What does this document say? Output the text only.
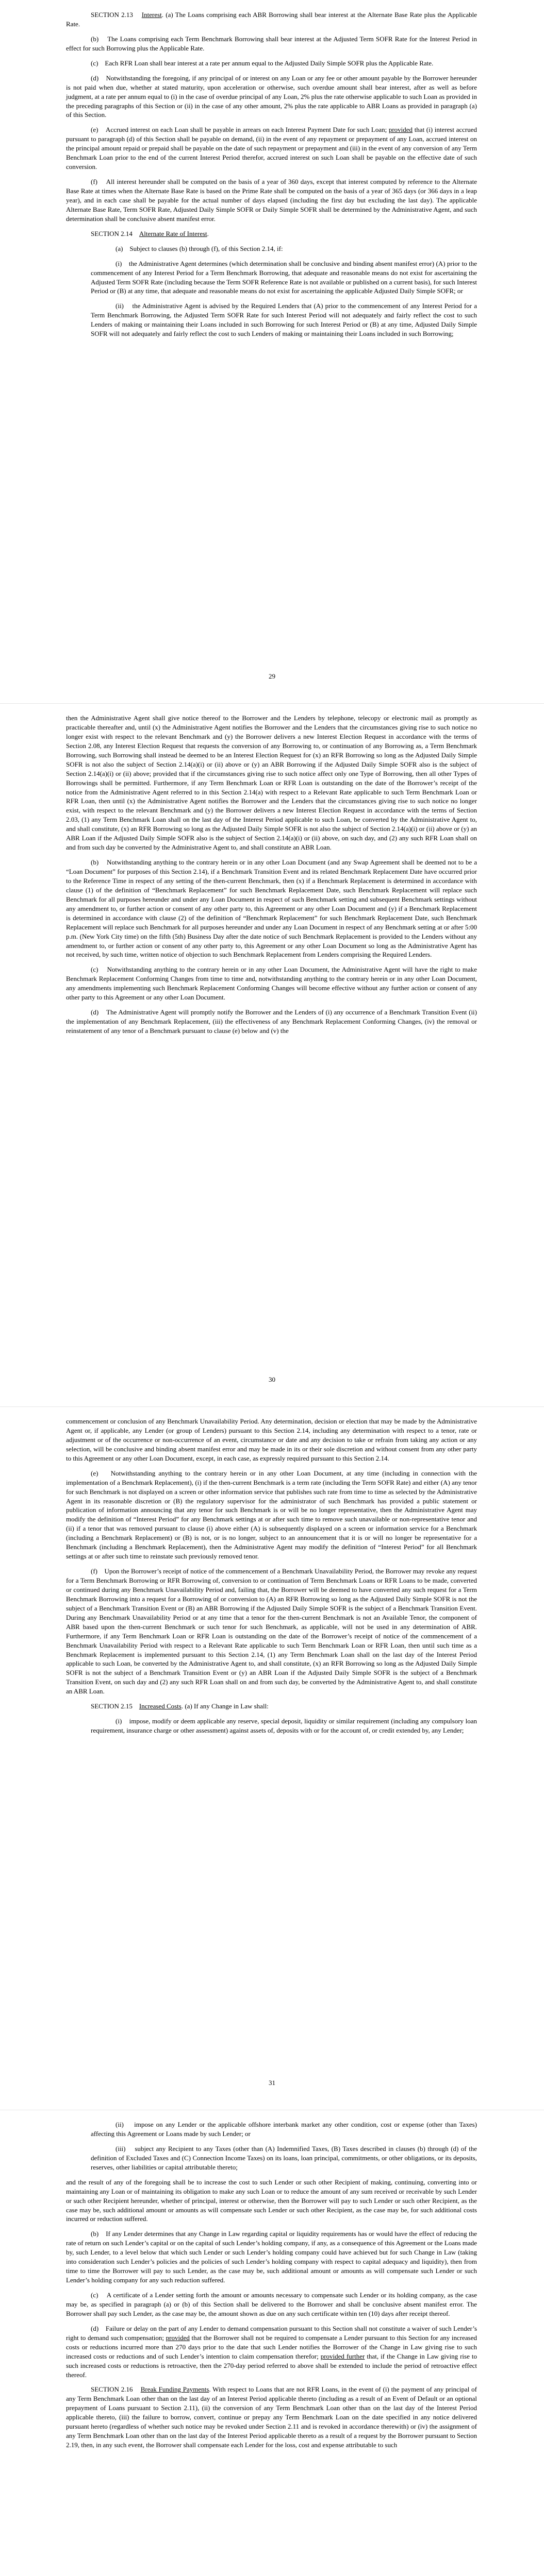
SECTION 2.13    Interest. (a) The Loans comprising each ABR Borrowing shall bear interest at the Alternate Base Rate plus the Applicable Rate.

(b)    The Loans comprising each Term Benchmark Borrowing shall bear interest at the Adjusted Term SOFR Rate for the Interest Period in effect for such Borrowing plus the Applicable Rate.

(c)    Each RFR Loan shall bear interest at a rate per annum equal to the Adjusted Daily Simple SOFR plus the Applicable Rate.

(d)    Notwithstanding the foregoing, if any principal of or interest on any Loan or any fee or other amount payable by the Borrower hereunder is not paid when due, whether at stated maturity, upon acceleration or otherwise, such overdue amount shall bear interest, after as well as before judgment, at a rate per annum equal to (i) in the case of overdue principal of any Loan, 2% plus the rate otherwise applicable to such Loan as provided in the preceding paragraphs of this Section or (ii) in the case of any other amount, 2% plus the rate applicable to ABR Loans as provided in paragraph (a) of this Section.

(e)    Accrued interest on each Loan shall be payable in arrears on each Interest Payment Date for such Loan; provided that (i) interest accrued pursuant to paragraph (d) of this Section shall be payable on demand, (ii) in the event of any repayment or prepayment of any Loan, accrued interest on the principal amount repaid or prepaid shall be payable on the date of such repayment or prepayment and (iii) in the event of any conversion of any Term Benchmark Loan prior to the end of the current Interest Period therefor, accrued interest on such Loan shall be payable on the effective date of such conversion.

(f)    All interest hereunder shall be computed on the basis of a year of 360 days, except that interest computed by reference to the Alternate Base Rate at times when the Alternate Base Rate is based on the Prime Rate shall be computed on the basis of a year of 365 days (or 366 days in a leap year), and in each case shall be payable for the actual number of days elapsed (including the first day but excluding the last day). The applicable Alternate Base Rate, Term SOFR Rate, Adjusted Daily Simple SOFR or Daily Simple SOFR shall be determined by the Administrative Agent, and such determination shall be conclusive absent manifest error.

SECTION 2.14    Alternate Rate of Interest.

(a)    Subject to clauses (b) through (f), of this Section 2.14, if:

(i)    the Administrative Agent determines (which determination shall be conclusive and binding absent manifest error) (A) prior to the commencement of any Interest Period for a Term Benchmark Borrowing, that adequate and reasonable means do not exist for ascertaining the Adjusted Term SOFR Rate (including because the Term SOFR Reference Rate is not available or published on a current basis), for such Interest Period or (B) at any time, that adequate and reasonable means do not exist for ascertaining the applicable Adjusted Daily Simple SOFR; or

(ii)    the Administrative Agent is advised by the Required Lenders that (A) prior to the commencement of any Interest Period for a Term Benchmark Borrowing, the Adjusted Term SOFR Rate for such Interest Period will not adequately and fairly reflect the cost to such Lenders of making or maintaining their Loans included in such Borrowing for such Interest Period or (B) at any time, Adjusted Daily Simple SOFR will not adequately and fairly reflect the cost to such Lenders of making or maintaining their Loans included in such Borrowing;

29

then the Administrative Agent shall give notice thereof to the Borrower and the Lenders by telephone, telecopy or electronic mail as promptly as practicable thereafter and, until (x) the Administrative Agent notifies the Borrower and the Lenders that the circumstances giving rise to such notice no longer exist with respect to the relevant Benchmark and (y) the Borrower delivers a new Interest Election Request in accordance with the terms of Section 2.08, any Interest Election Request that requests the conversion of any Borrowing to, or continuation of any Borrowing as, a Term Benchmark Borrowing, such Borrowing shall instead be deemed to be an Interest Election Request for (x) an RFR Borrowing so long as the Adjusted Daily Simple SOFR is not also the subject of Section 2.14(a)(i) or (ii) above or (y) an ABR Borrowing if the Adjusted Daily Simple SOFR also is the subject of Section 2.14(a)(i) or (ii) above; provided that if the circumstances giving rise to such notice affect only one Type of Borrowing, then all other Types of Borrowings shall be permitted. Furthermore, if any Term Benchmark Loan or RFR Loan is outstanding on the date of the Borrower’s receipt of the notice from the Administrative Agent referred to in this Section 2.14(a) with respect to a Relevant Rate applicable to such Term Benchmark Loan or RFR Loan, then until (x) the Administrative Agent notifies the Borrower and the Lenders that the circumstances giving rise to such notice no longer exist, with respect to the relevant Benchmark and (y) the Borrower delivers a new Interest Election Request in accordance with the terms of Section 2.03, (1) any Term Benchmark Loan shall on the last day of the Interest Period applicable to such Loan, be converted by the Administrative Agent to, and shall constitute, (x) an RFR Borrowing so long as the Adjusted Daily Simple SOFR is not also the subject of Section 2.14(a)(i) or (ii) above or (y) an ABR Loan if the Adjusted Daily Simple SOFR also is the subject of Section 2.14(a)(i) or (ii) above, on such day, and (2) any such RFR Loan shall on and from such day be converted by the Administrative Agent to, and shall constitute an ABR Loan.

(b)    Notwithstanding anything to the contrary herein or in any other Loan Document (and any Swap Agreement shall be deemed not to be a “Loan Document” for purposes of this Section 2.14), if a Benchmark Transition Event and its related Benchmark Replacement Date have occurred prior to the Reference Time in respect of any setting of the then-current Benchmark, then (x) if a Benchmark Replacement is determined in accordance with clause (1) of the definition of “Benchmark Replacement” for such Benchmark Replacement Date, such Benchmark Replacement will replace such Benchmark for all purposes hereunder and under any Loan Document in respect of such Benchmark setting and subsequent Benchmark settings without any amendment to, or further action or consent of any other party to, this Agreement or any other Loan Document and (y) if a Benchmark Replacement is determined in accordance with clause (2) of the definition of “Benchmark Replacement” for such Benchmark Replacement Date, such Benchmark Replacement will replace such Benchmark for all purposes hereunder and under any Loan Document in respect of any Benchmark setting at or after 5:00 p.m. (New York City time) on the fifth (5th) Business Day after the date notice of such Benchmark Replacement is provided to the Lenders without any amendment to, or further action or consent of any other party to, this Agreement or any other Loan Document so long as the Administrative Agent has not received, by such time, written notice of objection to such Benchmark Replacement from Lenders comprising the Required Lenders.

(c)    Notwithstanding anything to the contrary herein or in any other Loan Document, the Administrative Agent will have the right to make Benchmark Replacement Conforming Changes from time to time and, notwithstanding anything to the contrary herein or in any other Loan Document, any amendments implementing such Benchmark Replacement Conforming Changes will become effective without any further action or consent of any other party to this Agreement or any other Loan Document.

(d)    The Administrative Agent will promptly notify the Borrower and the Lenders of (i) any occurrence of a Benchmark Transition Event (ii) the implementation of any Benchmark Replacement, (iii) the effectiveness of any Benchmark Replacement Conforming Changes, (iv) the removal or reinstatement of any tenor of a Benchmark pursuant to clause (e) below and (v) the

30

commencement or conclusion of any Benchmark Unavailability Period. Any determination, decision or election that may be made by the Administrative Agent or, if applicable, any Lender (or group of Lenders) pursuant to this Section 2.14, including any determination with respect to a tenor, rate or adjustment or of the occurrence or non-occurrence of an event, circumstance or date and any decision to take or refrain from taking any action or any selection, will be conclusive and binding absent manifest error and may be made in its or their sole discretion and without consent from any other party to this Agreement or any other Loan Document, except, in each case, as expressly required pursuant to this Section 2.14.

(e)    Notwithstanding anything to the contrary herein or in any other Loan Document, at any time (including in connection with the implementation of a Benchmark Replacement), (i) if the then-current Benchmark is a term rate (including the Term SOFR Rate) and either (A) any tenor for such Benchmark is not displayed on a screen or other information service that publishes such rate from time to time as selected by the Administrative Agent in its reasonable discretion or (B) the regulatory supervisor for the administrator of such Benchmark has provided a public statement or publication of information announcing that any tenor for such Benchmark is or will be no longer representative, then the Administrative Agent may modify the definition of “Interest Period” for any Benchmark settings at or after such time to remove such unavailable or non-representative tenor and (ii) if a tenor that was removed pursuant to clause (i) above either (A) is subsequently displayed on a screen or information service for a Benchmark (including a Benchmark Replacement) or (B) is not, or is no longer, subject to an announcement that it is or will no longer be representative for a Benchmark (including a Benchmark Replacement), then the Administrative Agent may modify the definition of “Interest Period” for all Benchmark settings at or after such time to reinstate such previously removed tenor.

(f)    Upon the Borrower’s receipt of notice of the commencement of a Benchmark Unavailability Period, the Borrower may revoke any request for a Term Benchmark Borrowing or RFR Borrowing of, conversion to or continuation of Term Benchmark Loans or RFR Loans to be made, converted or continued during any Benchmark Unavailability Period and, failing that, the Borrower will be deemed to have converted any such request for a Term Benchmark Borrowing into a request for a Borrowing of or conversion to (A) an RFR Borrowing so long as the Adjusted Daily Simple SOFR is not the subject of a Benchmark Transition Event or (B) an ABR Borrowing if the Adjusted Daily Simple SOFR is the subject of a Benchmark Transition Event. During any Benchmark Unavailability Period or at any time that a tenor for the then-current Benchmark is not an Available Tenor, the component of ABR based upon the then-current Benchmark or such tenor for such Benchmark, as applicable, will not be used in any determination of ABR. Furthermore, if any Term Benchmark Loan or RFR Loan is outstanding on the date of the Borrower’s receipt of notice of the commencement of a Benchmark Unavailability Period with respect to a Relevant Rate applicable to such Term Benchmark Loan or RFR Loan, then until such time as a Benchmark Replacement is implemented pursuant to this Section 2.14, (1) any Term Benchmark Loan shall on the last day of the Interest Period applicable to such Loan, be converted by the Administrative Agent to, and shall constitute, (x) an RFR Borrowing so long as the Adjusted Daily Simple SOFR is not the subject of a Benchmark Transition Event or (y) an ABR Loan if the Adjusted Daily Simple SOFR is the subject of a Benchmark Transition Event, on such day and (2) any such RFR Loan shall on and from such day, be converted by the Administrative Agent to, and shall constitute an ABR Loan.

SECTION 2.15    Increased Costs. (a) If any Change in Law shall:

(i)    impose, modify or deem applicable any reserve, special deposit, liquidity or similar requirement (including any compulsory loan requirement, insurance charge or other assessment) against assets of, deposits with or for the account of, or credit extended by, any Lender;

31

(ii)    impose on any Lender or the applicable offshore interbank market any other condition, cost or expense (other than Taxes) affecting this Agreement or Loans made by such Lender; or

(iii)    subject any Recipient to any Taxes (other than (A) Indemnified Taxes, (B) Taxes described in clauses (b) through (d) of the definition of Excluded Taxes and (C) Connection Income Taxes) on its loans, loan principal, commitments, or other obligations, or its deposits, reserves, other liabilities or capital attributable thereto;

and the result of any of the foregoing shall be to increase the cost to such Lender or such other Recipient of making, continuing, converting into or maintaining any Loan or of maintaining its obligation to make any such Loan or to reduce the amount of any sum received or receivable by such Lender or such other Recipient hereunder, whether of principal, interest or otherwise, then the Borrower will pay to such Lender or such other Recipient, as the case may be, such additional amount or amounts as will compensate such Lender or such other Recipient, as the case may be, for such additional costs incurred or reduction suffered.

(b)    If any Lender determines that any Change in Law regarding capital or liquidity requirements has or would have the effect of reducing the rate of return on such Lender’s capital or on the capital of such Lender’s holding company, if any, as a consequence of this Agreement or the Loans made by, such Lender, to a level below that which such Lender or such Lender’s holding company could have achieved but for such Change in Law (taking into consideration such Lender’s policies and the policies of such Lender’s holding company with respect to capital adequacy and liquidity), then from time to time the Borrower will pay to such Lender, as the case may be, such additional amount or amounts as will compensate such Lender or such Lender’s holding company for any such reduction suffered.

(c)    A certificate of a Lender setting forth the amount or amounts necessary to compensate such Lender or its holding company, as the case may be, as specified in paragraph (a) or (b) of this Section shall be delivered to the Borrower and shall be conclusive absent manifest error. The Borrower shall pay such Lender, as the case may be, the amount shown as due on any such certificate within ten (10) days after receipt thereof.

(d)    Failure or delay on the part of any Lender to demand compensation pursuant to this Section shall not constitute a waiver of such Lender’s right to demand such compensation; provided that the Borrower shall not be required to compensate a Lender pursuant to this Section for any increased costs or reductions incurred more than 270 days prior to the date that such Lender notifies the Borrower of the Change in Law giving rise to such increased costs or reductions and of such Lender’s intention to claim compensation therefor; provided further that, if the Change in Law giving rise to such increased costs or reductions is retroactive, then the 270-day period referred to above shall be extended to include the period of retroactive effect thereof.

SECTION 2.16    Break Funding Payments. With respect to Loans that are not RFR Loans, in the event of (i) the payment of any principal of any Term Benchmark Loan other than on the last day of an Interest Period applicable thereto (including as a result of an Event of Default or an optional prepayment of Loans pursuant to Section 2.11), (ii) the conversion of any Term Benchmark Loan other than on the last day of the Interest Period applicable thereto, (iii) the failure to borrow, convert, continue or prepay any Term Benchmark Loan on the date specified in any notice delivered pursuant hereto (regardless of whether such notice may be revoked under Section 2.11 and is revoked in accordance therewith) or (iv) the assignment of any Term Benchmark Loan other than on the last day of the Interest Period applicable thereto as a result of a request by the Borrower pursuant to Section 2.19, then, in any such event, the Borrower shall compensate each Lender for the loss, cost and expense attributable to such
